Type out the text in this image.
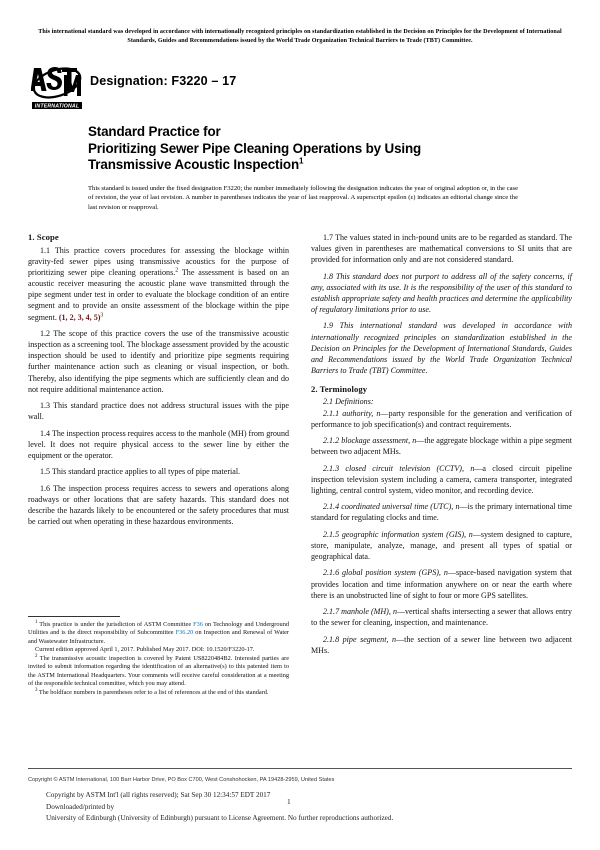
This international standard was developed in accordance with internationally recognized principles on standardization established in the Decision on Principles for the Development of International Standards, Guides and Recommendations issued by the World Trade Organization Technical Barriers to Trade (TBT) Committee.
INTERNATIONAL
Designation: F3220 – 17
Standard Practice for
Prioritizing Sewer Pipe Cleaning Operations by Using
Transmissive Acoustic Inspection$^1$
This standard is issued under the fixed designation F3220; the number immediately following the designation indicates the year of original adoption or, in the case of revision, the year of last revision. A number in parentheses indicates the year of last reapproval. A superscript epsilon (ε) indicates an editorial change since the last revision or reapproval.
1. Scope

1.1 This practice covers procedures for assessing the blockage within gravity-fed sewer pipes using transmissive acoustics for the purpose of prioritizing sewer pipe cleaning operations.$^2$ The assessment is based on an acoustic receiver measuring the acoustic plane wave transmitted through the pipe segment under test in order to evaluate the blockage condition of an entire segment and to provide an onsite assessment of the blockage within the pipe segment. (1, 2, 3, 4, 5)$^3$

1.2 The scope of this practice covers the use of the transmissive acoustic inspection as a screening tool. The blockage assessment provided by the acoustic inspection should be used to identify and prioritize pipe segments requiring further maintenance action such as cleaning or visual inspection, or both. Thereby, also identifying the pipe segments which are sufficiently clean and do not require additional maintenance action.

1.3 This standard practice does not address structural issues with the pipe wall.

1.4 The inspection process requires access to the manhole (MH) from ground level. It does not require physical access to the sewer line by either the equipment or the operator.

1.5 This standard practice applies to all types of pipe material.

1.6 The inspection process requires access to sewers and operations along roadways or other locations that are safety hazards. This standard does not describe the hazards likely to be encountered or the safety procedures that must be carried out when operating in these hazardous environments.

1.7 The values stated in inch-pound units are to be regarded as standard. The values given in parentheses are mathematical conversions to SI units that are provided for information only and are not considered standard.

1.8 This standard does not purport to address all of the safety concerns, if any, associated with its use. It is the responsibility of the user of this standard to establish appropriate safety and health practices and determine the applicability of regulatory limitations prior to use.

1.9 This international standard was developed in accordance with internationally recognized principles on standardization established in the Decision on Principles for the Development of International Standards, Guides and Recommendations issued by the World Trade Organization Technical Barriers to Trade (TBT) Committee.

2. Terminology

2.1 Definitions:

2.1.1 authority, n—party responsible for the generation and verification of performance to job specification(s) and contract requirements.

2.1.2 blockage assessment, n—the aggregate blockage within a pipe segment between two adjacent MHs.

2.1.3 closed circuit television (CCTV), n—a closed circuit pipeline inspection television system including a camera, camera transporter, integrated lighting, central control system, video monitor, and recording device.

2.1.4 coordinated universal time (UTC), n—is the primary international time standard for regulating clocks and time.

2.1.5 geographic information system (GIS), n—system designed to capture, store, manipulate, analyze, manage, and present all types of spatial or geographical data.

2.1.6 global position system (GPS), n—space-based navigation system that provides location and time information anywhere on or near the earth where there is an unobstructed line of sight to four or more GPS satellites.

2.1.7 manhole (MH), n—vertical shafts intersecting a sewer that allows entry to the sewer for cleaning, inspection, and maintenance.

2.1.8 pipe segment, n—the section of a sewer line between two adjacent MHs.

$^1$ This practice is under the jurisdiction of ASTM Committee F36 on Technology and Underground Utilities and is the direct responsibility of Subcommittee F36.20 on Inspection and Renewal of Water and Wastewater Infrastructure.

Current edition approved April 1, 2017. Published May 2017. DOI: 10.1520/F3220-17.

$^2$ The transmissive acoustic inspection is covered by Patent US8220484B2. Interested parties are invited to submit information regarding the identification of an alternative(s) to this patented item to the ASTM International Headquarters. Your comments will receive careful consideration at a meeting of the responsible technical committee, which you may attend.

$^3$ The boldface numbers in parentheses refer to a list of references at the end of this standard.

Copyright © ASTM International, 100 Barr Harbor Drive, PO Box C700, West Conshohocken, PA 19428-2959, United States
Copyright by ASTM Int'l (all rights reserved); Sat Sep 30 12:34:57 EDT 2017
Downloaded/printed by
University of Edinburgh (University of Edinburgh) pursuant to License Agreement. No further reproductions authorized.
1
